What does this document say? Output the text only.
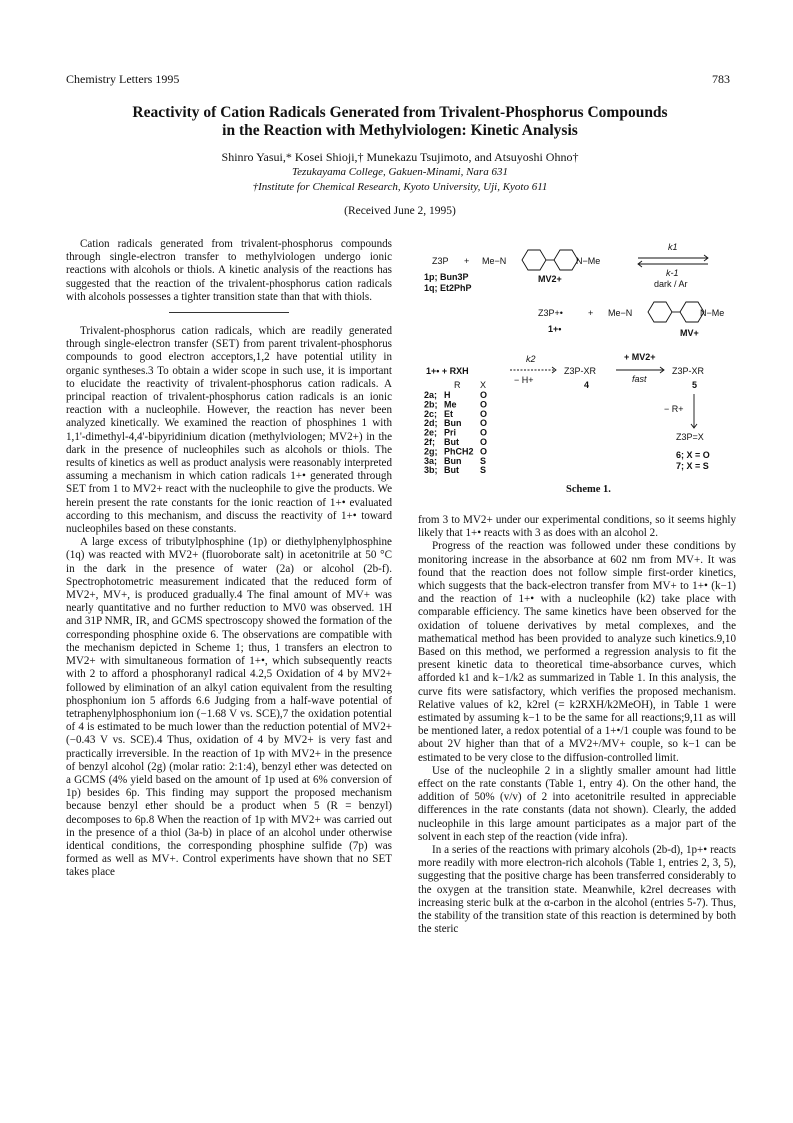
Chemistry Letters 1995	783
Reactivity of Cation Radicals Generated from Trivalent-Phosphorus Compounds
in the Reaction with Methylviologen: Kinetic Analysis
Shinro Yasui,* Kosei Shioji,† Munekazu Tsujimoto, and Atsuyoshi Ohno†
Tezukayama College, Gakuen-Minami, Nara 631
†Institute for Chemical Research, Kyoto University, Uji, Kyoto 611
(Received June 2, 1995)

Cation radicals generated from trivalent-phosphorus compounds through single-electron transfer to methylviologen undergo ionic reactions with alcohols or thiols. A kinetic analysis of the reactions has suggested that the reaction of the trivalent-phosphorus cation radicals with alcohols possesses a tighter transition state than that with thiols.

Trivalent-phosphorus cation radicals, which are readily generated through single-electron transfer (SET) from parent trivalent-phosphorus compounds to good electron acceptors,1,2 have potential utility in organic syntheses.3 To obtain a wider scope in such use, it is important to elucidate the reactivity of trivalent-phosphorus cation radicals. A principal reaction of trivalent-phosphorus cation radicals is an ionic reaction with a nucleophile. However, the reaction has never been analyzed kinetically. We examined the reaction of phosphines 1 with 1,1'-dimethyl-4,4'-bipyridinium dication (methylviologen; MV2+) in the dark in the presence of nucleophiles such as alcohols or thiols. The results of kinetics as well as product analysis were reasonably interpreted assuming a mechanism in which cation radicals 1+• generated through SET from 1 to MV2+ react with the nucleophile to give the products. We herein present the rate constants for the ionic reaction of 1+• evaluated according to this mechanism, and discuss the reactivity of 1+• toward nucleophiles based on these constants.

A large excess of tributylphosphine (1p) or diethylphenylphosphine (1q) was reacted with MV2+ (fluoroborate salt) in acetonitrile at 50 °C in the dark in the presence of water (2a) or alcohol (2b-f). Spectrophotometric measurement indicated that the reduced form of MV2+, MV+, is produced gradually.4 The final amount of MV+ was nearly quantitative and no further reduction to MV0 was observed. 1H and 31P NMR, IR, and GCMS spectroscopy showed the formation of the corresponding phosphine oxide 6. The observations are compatible with the mechanism depicted in Scheme 1; thus, 1 transfers an electron to MV2+ with simultaneous formation of 1+•, which subsequently reacts with 2 to afford a phosphoranyl radical 4.2,5 Oxidation of 4 by MV2+ followed by elimination of an alkyl cation equivalent from the resulting phosphonium ion 5 affords 6.6 Judging from a half-wave potential of tetraphenylphosphonium ion (−1.68 V vs. SCE),7 the oxidation potential of 4 is estimated to be much lower than the reduction potential of MV2+ (−0.43 V vs. SCE).4 Thus, oxidation of 4 by MV2+ is very fast and practically irreversible. In the reaction of 1p with MV2+ in the presence of benzyl alcohol (2g) (molar ratio: 2:1:4), benzyl ether was detected on a GCMS (4% yield based on the amount of 1p used at 6% conversion of 1p) besides 6p. This finding may support the proposed mechanism because benzyl ether should be a product when 5 (R = benzyl) decomposes to 6p.8 When the reaction of 1p with MV2+ was carried out in the presence of a thiol (3a-b) in place of an alcohol under otherwise identical conditions, the corresponding phosphine sulfide (7p) was formed as well as MV+. Control experiments have shown that no SET takes place

Z3P + Me−N	N−Me
MV2+
k1
k-1
dark / Ar
1p; Bun3P
1q; Et2PhP
Z3P+•	+ Me−N	N−Me
1+•	MV+
1+• + RXH
k2
− H+
Z3P-XR
4
+ MV2+
fast
Z3P-XR
5
− R+
Z3P=X
6; X = O
7; X = S
R X
2a; H	O
2b; Me	O
2c; Et	O
2d; Bun O
2e; Pri	O
2f; But O
2g; PhCH2 O
3a; Bun S
3b; But S
Scheme 1.

from 3 to MV2+ under our experimental conditions, so it seems highly likely that 1+• reacts with 3 as does with an alcohol 2.

Progress of the reaction was followed under these conditions by monitoring increase in the absorbance at 602 nm from MV+. It was found that the reaction does not follow simple first-order kinetics, which suggests that the back-electron transfer from MV+ to 1+• (k−1) and the reaction of 1+• with a nucleophile (k2) take place with comparable efficiency. The same kinetics have been observed for the oxidation of toluene derivatives by metal complexes, and the mathematical method has been provided to analyze such kinetics.9,10 Based on this method, we performed a regression analysis to fit the present kinetic data to theoretical time-absorbance curves, which afforded k1 and k−1/k2 as summarized in Table 1. In this analysis, the curve fits were satisfactory, which verifies the proposed mechanism. Relative values of k2, k2rel (= k2RXH/k2MeOH), in Table 1 were estimated by assuming k−1 to be the same for all reactions;9,11 as will be mentioned later, a redox potential of a 1+•/1 couple was found to be about 2V higher than that of a MV2+/MV+ couple, so k−1 can be estimated to be very close to the diffusion-controlled limit.

Use of the nucleophile 2 in a slightly smaller amount had little effect on the rate constants (Table 1, entry 4). On the other hand, the addition of 50% (v/v) of 2 into acetonitrile resulted in appreciable differences in the rate constants (data not shown). Clearly, the added nucleophile in this large amount participates as a major part of the solvent in each step of the reaction (vide infra).

In a series of the reactions with primary alcohols (2b-d), 1p+• reacts more readily with more electron-rich alcohols (Table 1, entries 2, 3, 5), suggesting that the positive charge has been transferred considerably to the oxygen at the transition state. Meanwhile, k2rel decreases with increasing steric bulk at the α-carbon in the alcohol (entries 5-7). Thus, the stability of the transition state of this reaction is determined by both the steric
